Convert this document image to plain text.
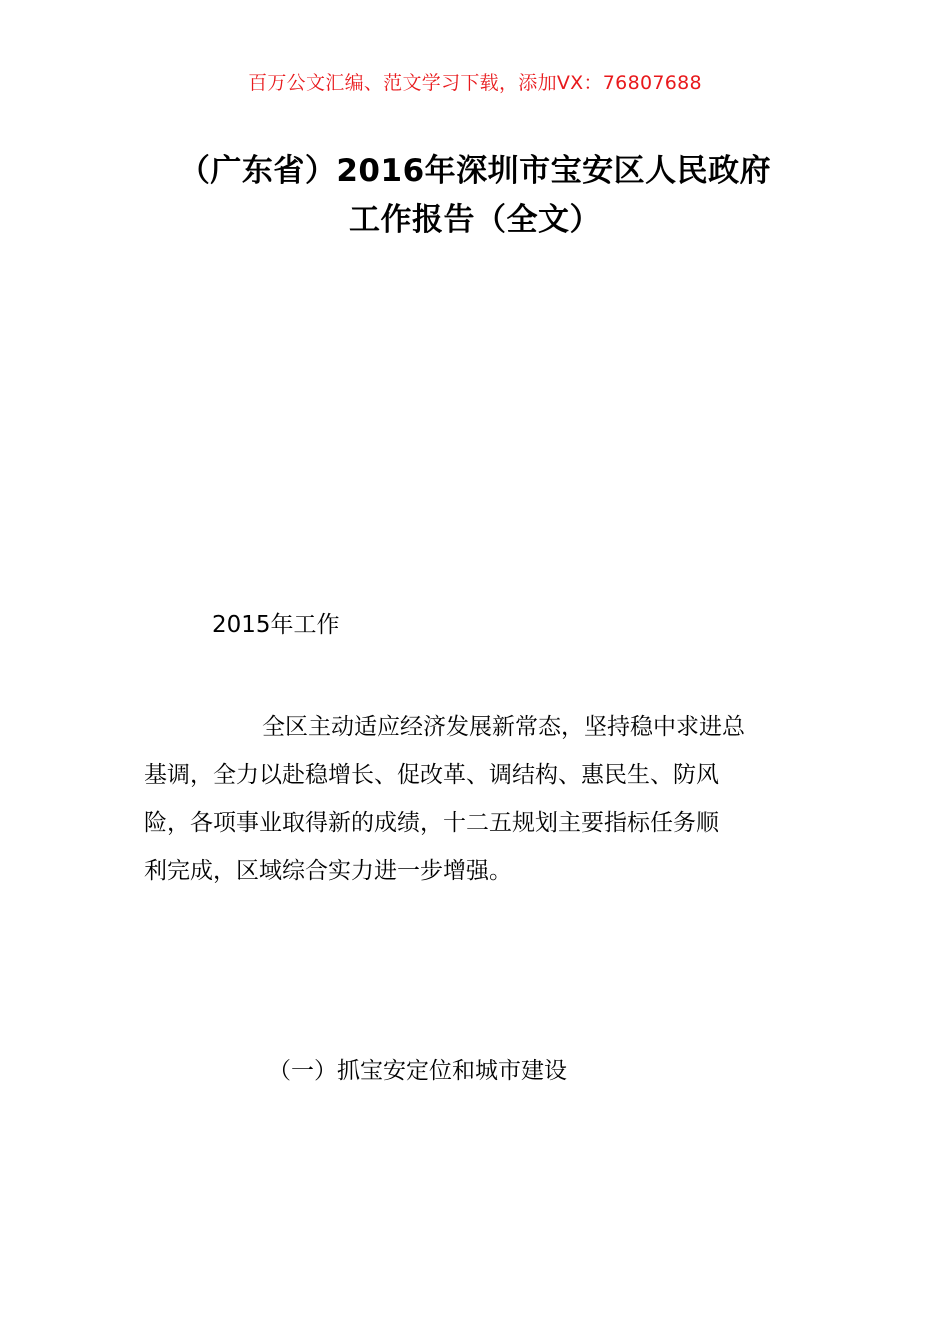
百万公文汇编、范文学习下载，添加VX：76807688
（广东省）2016年深圳市宝安区人民政府
工作报告（全文）
2015年工作
全区主动适应经济发展新常态，坚持稳中求进总
基调，全力以赴稳增长、促改革、调结构、惠民生、防风
险，各项事业取得新的成绩，十二五规划主要指标任务顺
利完成，区域综合实力进一步增强。
（一）抓宝安定位和城市建设
